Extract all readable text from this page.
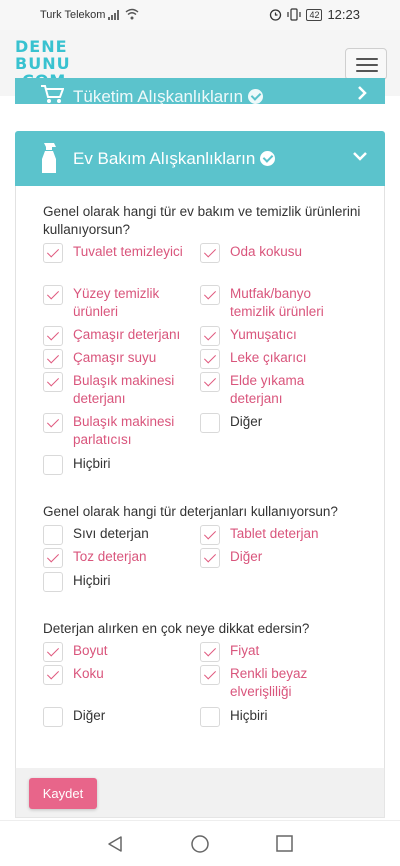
Turk Telekom	42 12:23
DENE
BUNU
Tüketim Alışkanlıkların
Ev Bakım Alışkanlıkların
Genel olarak hangi tür ev bakım ve temizlik ürünlerini kullanıyorsun?
Tuvalet temizleyici	Oda kokusu
Yüzey temizlik ürünleri
Mutfak/banyo temizlik ürünleri
Çamaşır deterjanı	Yumuşatıcı
Çamaşır suyu	Leke çıkarıcı
Bulaşık makinesi deterjanı
Elde yıkama deterjanı
Bulaşık makinesi parlatıcısı
Diğer
Hiçbiri
Genel olarak hangi tür deterjanları kullanıyorsun?
Sıvı deterjan	Tablet deterjan
Toz deterjan	Diğer
Hiçbiri
Deterjan alırken en çok neye dikkat edersin?
Boyut	Fiyat
Koku	Renkli beyaz elverişliliği
Diğer	Hiçbiri
Kaydet
